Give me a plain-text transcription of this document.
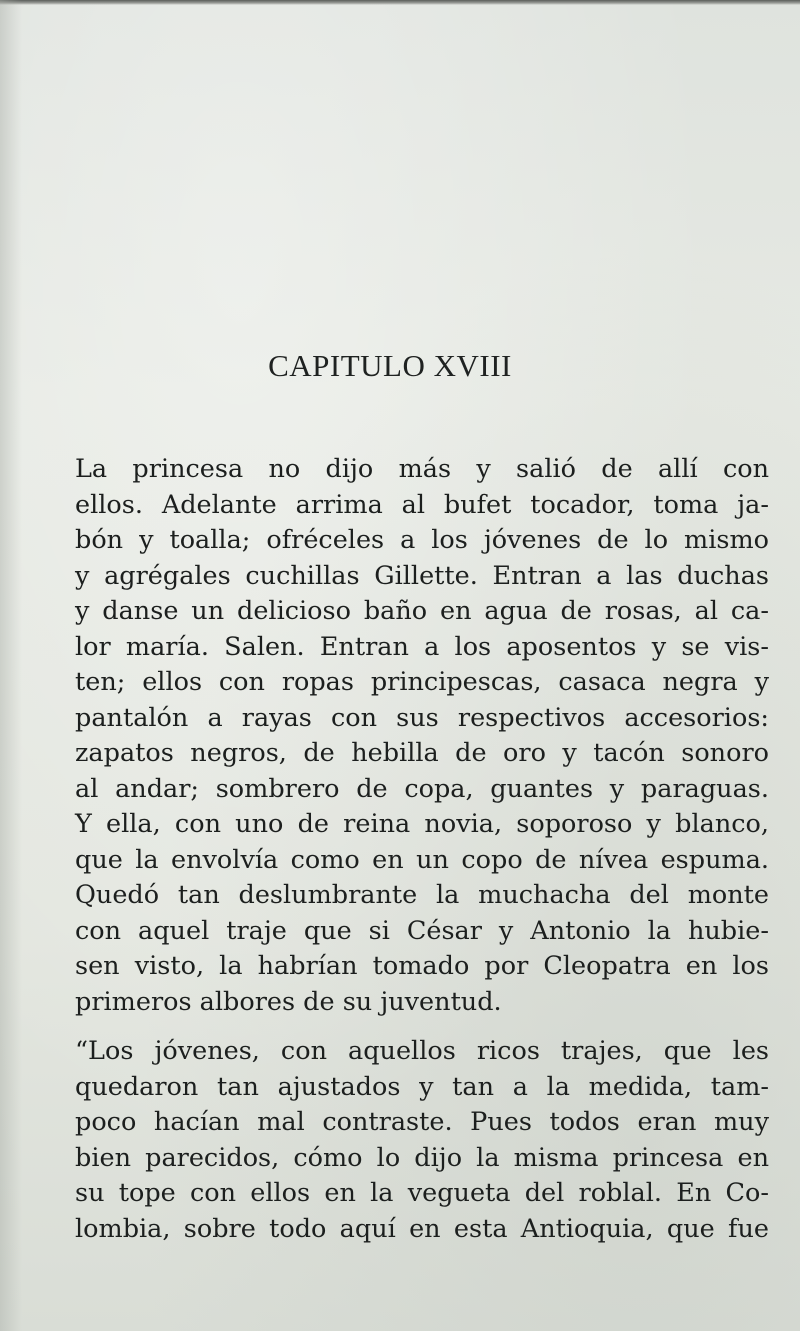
CAPITULO XVIII

La princesa no dijo más y salió de allí con
ellos. Adelante arrima al bufet tocador, toma ja-
bón y toalla; ofréceles a los jóvenes de lo mismo
y agrégales cuchillas Gillette. Entran a las duchas
y danse un delicioso baño en agua de rosas, al ca-
lor maría. Salen. Entran a los aposentos y se vis-
ten; ellos con ropas principescas, casaca negra y
pantalón a rayas con sus respectivos accesorios:
zapatos negros, de hebilla de oro y tacón sonoro
al andar; sombrero de copa, guantes y paraguas.
Y ella, con uno de reina novia, soporoso y blanco,
que la envolvía como en un copo de nívea espuma.
Quedó tan deslumbrante la muchacha del monte
con aquel traje que si César y Antonio la hubie-
sen visto, la habrían tomado por Cleopatra en los
primeros albores de su juventud.

“Los jóvenes, con aquellos ricos trajes, que les
quedaron tan ajustados y tan a la medida, tam-
poco hacían mal contraste. Pues todos eran muy
bien parecidos, cómo lo dijo la misma princesa en
su tope con ellos en la vegueta del roblal. En Co-
lombia, sobre todo aquí en esta Antioquia, que fue
